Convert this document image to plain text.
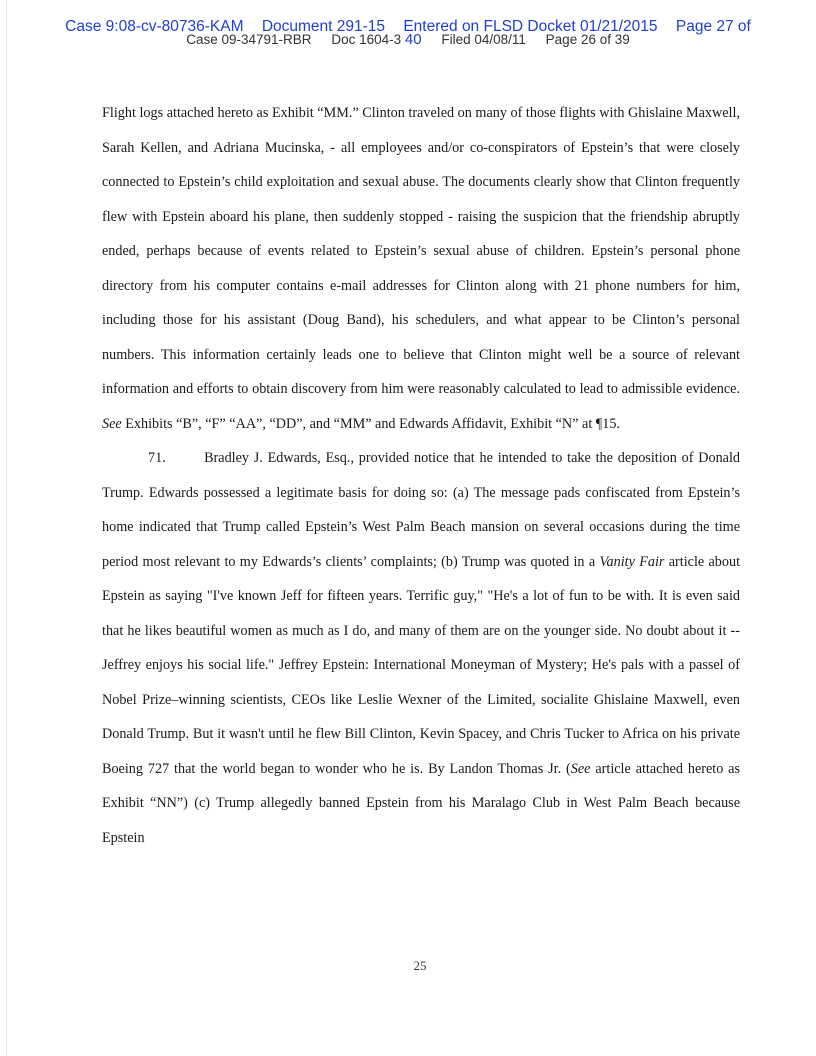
Case 9:08-cv-80736-KAM Document 291-15 Entered on FLSD Docket 01/21/2015 Page 27 of
Case 09-34791-RBR Doc 1604-3 40 Filed 04/08/11 Page 26 of 39

Flight logs attached hereto as Exhibit “MM.” Clinton traveled on many of those flights with Ghislaine Maxwell, Sarah Kellen, and Adriana Mucinska, - all employees and/or co-conspirators of Epstein’s that were closely connected to Epstein’s child exploitation and sexual abuse. The documents clearly show that Clinton frequently flew with Epstein aboard his plane, then suddenly stopped - raising the suspicion that the friendship abruptly ended, perhaps because of events related to Epstein’s sexual abuse of children. Epstein’s personal phone directory from his computer contains e-mail addresses for Clinton along with 21 phone numbers for him, including those for his assistant (Doug Band), his schedulers, and what appear to be Clinton’s personal numbers. This information certainly leads one to believe that Clinton might well be a source of relevant information and efforts to obtain discovery from him were reasonably calculated to lead to admissible evidence. See Exhibits “B”, “F” “AA”, “DD”, and “MM” and Edwards Affidavit, Exhibit “N” at ¶15.

71.	Bradley J. Edwards, Esq., provided notice that he intended to take the deposition of Donald Trump. Edwards possessed a legitimate basis for doing so: (a) The message pads confiscated from Epstein’s home indicated that Trump called Epstein’s West Palm Beach mansion on several occasions during the time period most relevant to my Edwards’s clients’ complaints; (b) Trump was quoted in a Vanity Fair article about Epstein as saying "I've known Jeff for fifteen years. Terrific guy," "He's a lot of fun to be with. It is even said that he likes beautiful women as much as I do, and many of them are on the younger side. No doubt about it -- Jeffrey enjoys his social life." Jeffrey Epstein: International Moneyman of Mystery; He's pals with a passel of Nobel Prize–winning scientists, CEOs like Leslie Wexner of the Limited, socialite Ghislaine Maxwell, even Donald Trump. But it wasn't until he flew Bill Clinton, Kevin Spacey, and Chris Tucker to Africa on his private Boeing 727 that the world began to wonder who he is. By Landon Thomas Jr. (See article attached hereto as Exhibit “NN”) (c) Trump allegedly banned Epstein from his Maralago Club in West Palm Beach because Epstein

25
